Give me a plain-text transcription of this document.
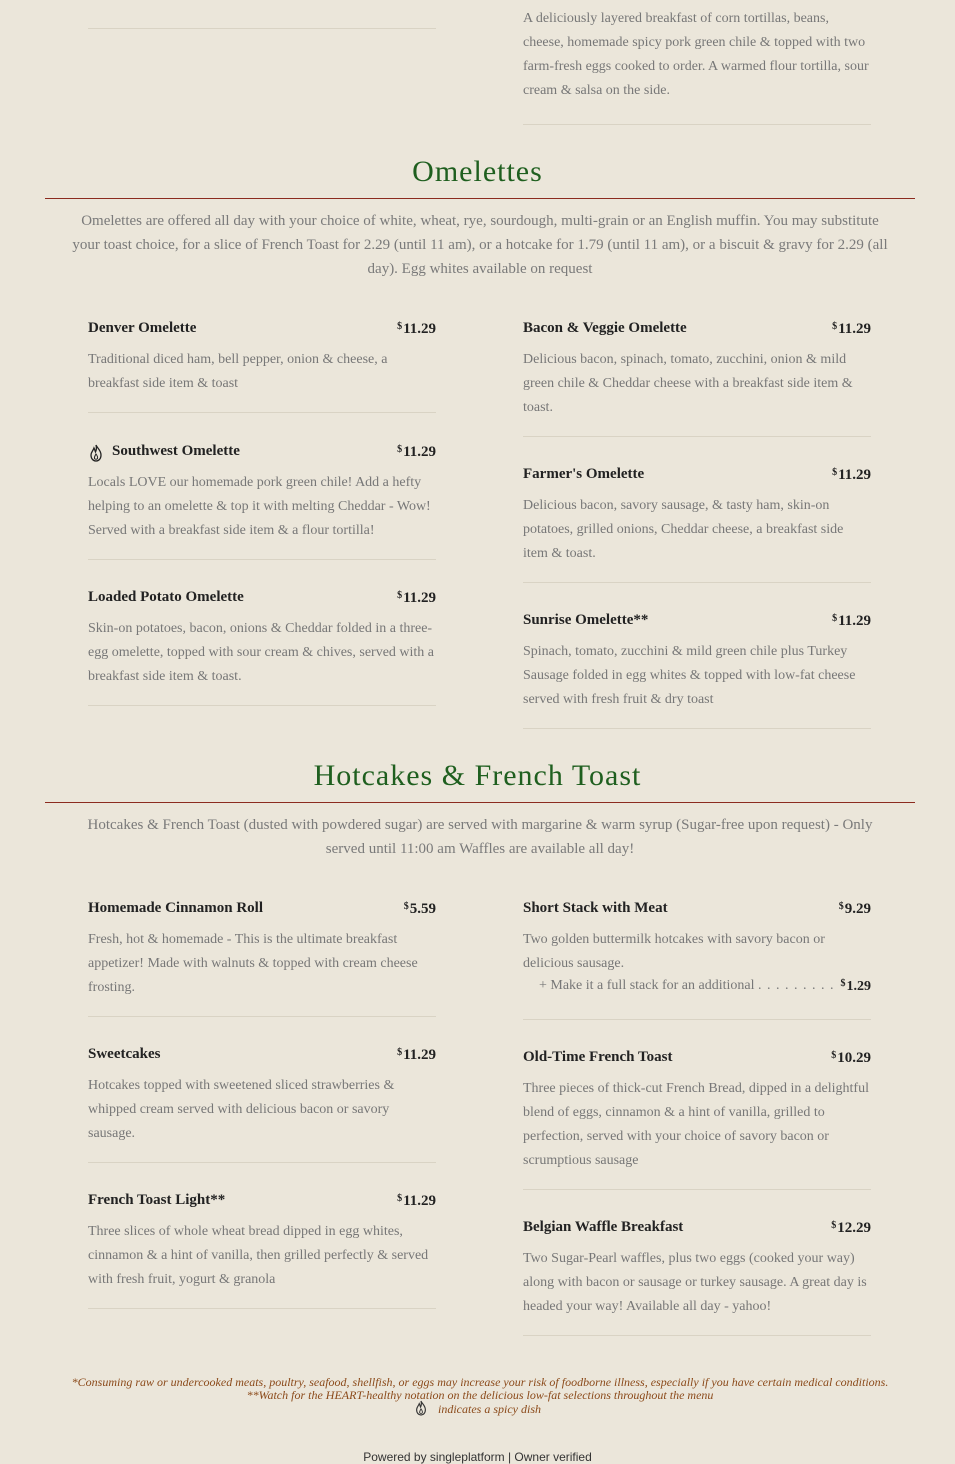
A deliciously layered breakfast of corn tortillas, beans, cheese, homemade spicy pork green chile & topped with two farm-fresh eggs cooked to order. A warmed flour tortilla, sour cream & salsa on the side.

Omelettes

Omelettes are offered all day with your choice of white, wheat, rye, sourdough, multi-grain or an English muffin. You may substitute your toast choice, for a slice of French Toast for 2.29 (until 11 am), or a hotcake for 1.79 (until 11 am), or a biscuit & gravy for 2.29 (all day). Egg whites available on request

Denver Omelette	$11.29

Traditional diced ham, bell pepper, onion & cheese, a breakfast side item & toast

Southwest Omelette	$11.29

Locals LOVE our homemade pork green chile! Add a hefty helping to an omelette & top it with melting Cheddar - Wow! Served with a breakfast side item & a flour tortilla!

Loaded Potato Omelette	$11.29

Skin-on potatoes, bacon, onions & Cheddar folded in a three-egg omelette, topped with sour cream & chives, served with a breakfast side item & toast.

Bacon & Veggie Omelette	$11.29

Delicious bacon, spinach, tomato, zucchini, onion & mild green chile & Cheddar cheese with a breakfast side item & toast.

Farmer's Omelette	$11.29

Delicious bacon, savory sausage, & tasty ham, skin-on potatoes, grilled onions, Cheddar cheese, a breakfast side item & toast.

Sunrise Omelette**	$11.29

Spinach, tomato, zucchini & mild green chile plus Turkey Sausage folded in egg whites & topped with low-fat cheese served with fresh fruit & dry toast

Hotcakes & French Toast

Hotcakes & French Toast (dusted with powdered sugar) are served with margarine & warm syrup (Sugar-free upon request) - Only served until 11:00 am Waffles are available all day!

Homemade Cinnamon Roll	$5.59

Fresh, hot & homemade - This is the ultimate breakfast appetizer! Made with walnuts & topped with cream cheese frosting.

Sweetcakes	$11.29

Hotcakes topped with sweetened sliced strawberries & whipped cream served with delicious bacon or savory sausage.

French Toast Light**	$11.29

Three slices of whole wheat bread dipped in egg whites, cinnamon & a hint of vanilla, then grilled perfectly & served with fresh fruit, yogurt & granola

Short Stack with Meat	$9.29

Two golden buttermilk hotcakes with savory bacon or delicious sausage.

+ Make it a full stack for an additional . . . . . . . . . $1.29
Old-Time French Toast	$10.29

Three pieces of thick-cut French Bread, dipped in a delightful blend of eggs, cinnamon & a hint of vanilla, grilled to perfection, served with your choice of savory bacon or scrumptious sausage

Belgian Waffle Breakfast	$12.29

Two Sugar-Pearl waffles, plus two eggs (cooked your way) along with bacon or sausage or turkey sausage. A great day is headed your way! Available all day - yahoo!

*Consuming raw or undercooked meats, poultry, seafood, shellfish, or eggs may increase your risk of foodborne illness, especially if you have certain medical conditions. **Watch for the HEART-healthy notation on the delicious low-fat selections throughout the menu

indicates a spicy dish
Powered by singleplatform | Owner verified
